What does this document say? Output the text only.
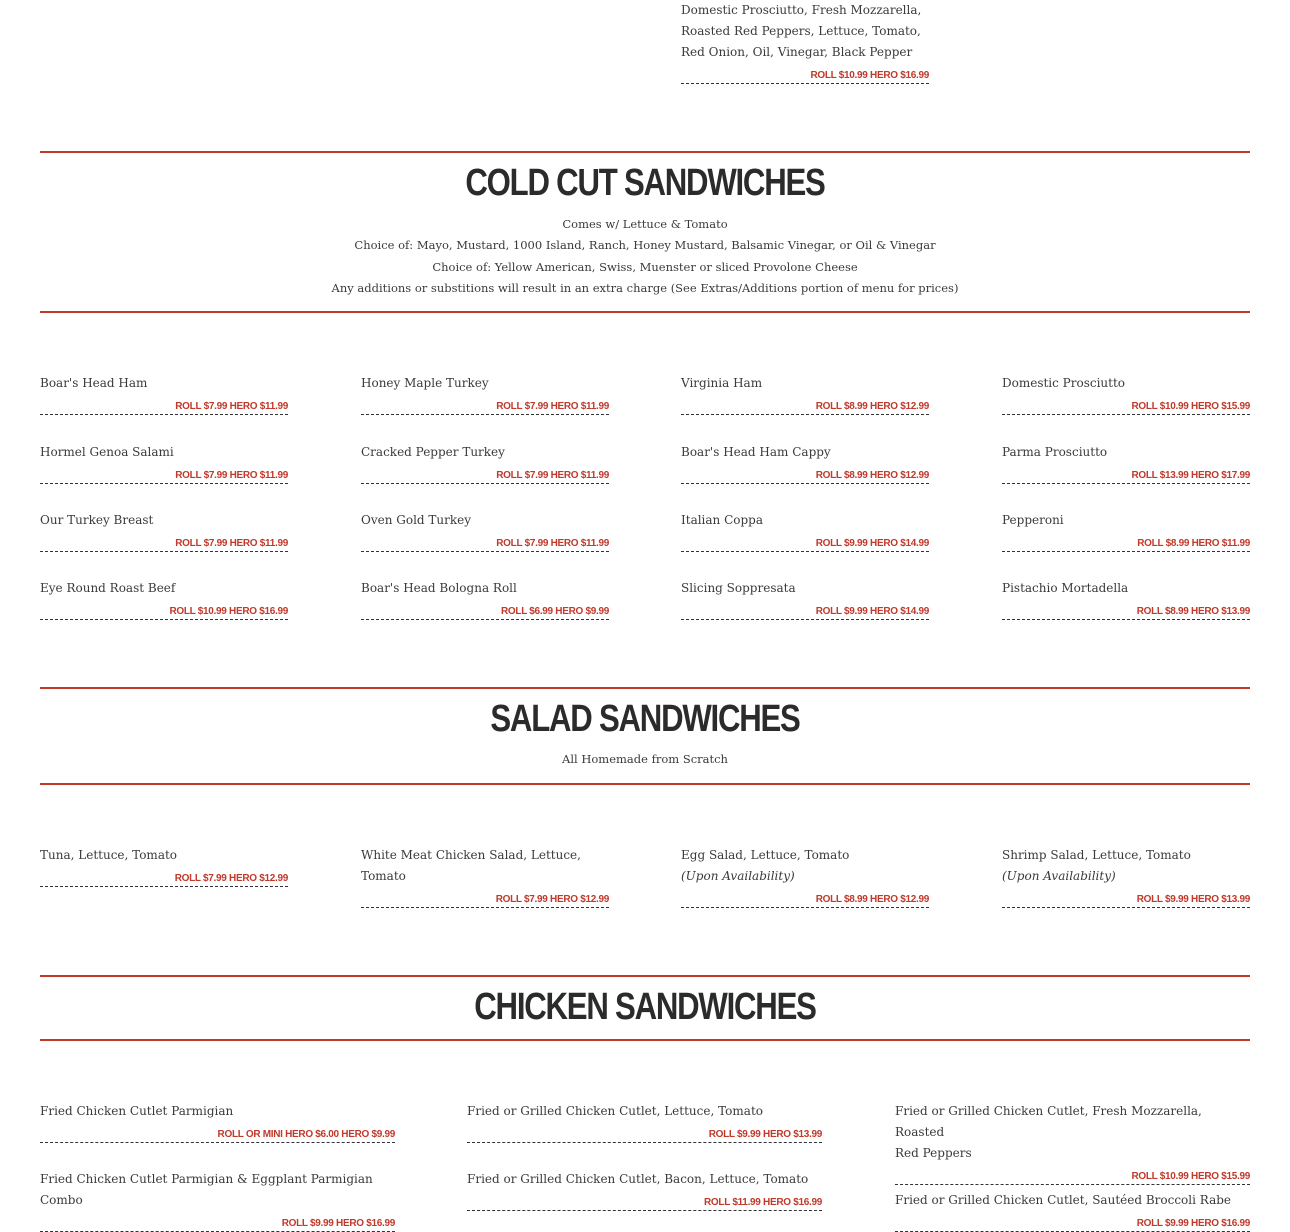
Domestic Prosciutto, Fresh Mozzarella,
Roasted Red Peppers, Lettuce, Tomato,
Red Onion, Oil, Vinegar, Black Pepper
ROLL $10.99 HERO $16.99
COLD CUT SANDWICHES
Comes w/ Lettuce & Tomato
Choice of: Mayo, Mustard, 1000 Island, Ranch, Honey Mustard, Balsamic Vinegar, or Oil & Vinegar
Choice of: Yellow American, Swiss, Muenster or sliced Provolone Cheese
Any additions or substitions will result in an extra charge (See Extras/Additions portion of menu for prices)
Boar's Head Ham
ROLL $7.99 HERO $11.99
Hormel Genoa Salami
ROLL $7.99 HERO $11.99
Our Turkey Breast
ROLL $7.99 HERO $11.99
Eye Round Roast Beef
ROLL $10.99 HERO $16.99
Honey Maple Turkey
ROLL $7.99 HERO $11.99
Cracked Pepper Turkey
ROLL $7.99 HERO $11.99
Oven Gold Turkey
ROLL $7.99 HERO $11.99
Boar's Head Bologna Roll
ROLL $6.99 HERO $9.99
Virginia Ham
ROLL $8.99 HERO $12.99
Boar's Head Ham Cappy
ROLL $8.99 HERO $12.99
Italian Coppa
ROLL $9.99 HERO $14.99
Slicing Soppresata
ROLL $9.99 HERO $14.99
Domestic Prosciutto
ROLL $10.99 HERO $15.99
Parma Prosciutto
ROLL $13.99 HERO $17.99
Pepperoni
ROLL $8.99 HERO $11.99
Pistachio Mortadella
ROLL $8.99 HERO $13.99
SALAD SANDWICHES
All Homemade from Scratch
Tuna, Lettuce, Tomato
ROLL $7.99 HERO $12.99
White Meat Chicken Salad, Lettuce,
Tomato
ROLL $7.99 HERO $12.99
Egg Salad, Lettuce, Tomato
(Upon Availability)
ROLL $8.99 HERO $12.99
Shrimp Salad, Lettuce, Tomato
(Upon Availability)
ROLL $9.99 HERO $13.99
CHICKEN SANDWICHES
Fried Chicken Cutlet Parmigian
ROLL OR MINI HERO $6.00 HERO $9.99
Fried or Grilled Chicken Cutlet, Lettuce, Tomato
ROLL $9.99 HERO $13.99
Fried or Grilled Chicken Cutlet, Fresh Mozzarella, Roasted
Red Peppers
ROLL $10.99 HERO $15.99
Fried Chicken Cutlet Parmigian & Eggplant Parmigian
Combo
ROLL $9.99 HERO $16.99
Fried or Grilled Chicken Cutlet, Bacon, Lettuce, Tomato
ROLL $11.99 HERO $16.99	Fried or Grilled Chicken Cutlet, Sautéed Broccoli Rabe
ROLL $9.99 HERO $16.99
